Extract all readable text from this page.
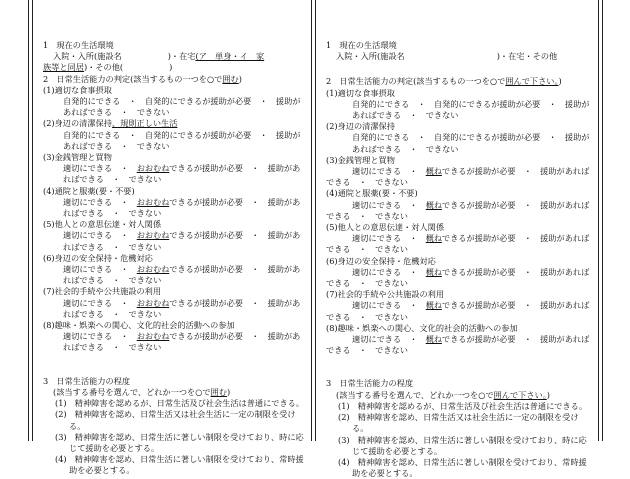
1　現在の生活環境
入院・入所(施設名	)・在宅(ア　単身・イ　家
族等と同居)・その他(	)
2　日常生活能力の判定(該当するもの一つを○で囲む)
(1)適切な食事摂取
自発的にできる　・　自発的にできるが援助が必要　・　援助が
あればできる　・　できない
(2)身辺の清潔保持、規則正しい生活
自発的にできる　・　自発的にできるが援助が必要　・　援助が
あればできる　・　できない
(3)金銭管理と買物
適切にできる　・　おおむねできるが援助が必要　・　援助があ
ればできる　・　できない
(4)通院と服薬(要・不要)
適切にできる　・　おおむねできるが援助が必要　・　援助があ
ればできる　・　できない
(5)他人との意思伝達・対人関係
適切にできる　・　おおむねできるが援助が必要　・　援助があ
ればできる　・　できない
(6)身辺の安全保持・危機対応
適切にできる　・　おおむねできるが援助が必要　・　援助があ
ればできる　・　できない
(7)社会的手続や公共施設の利用
適切にできる　・　おおむねできるが援助が必要　・　援助があ
ればできる　・　できない
(8)趣味・娯楽への関心、文化的社会的活動への参加
適切にできる　・　おおむねできるが援助が必要　・　援助があ
ればできる　・　できない
3　日常生活能力の程度
(該当する番号を選んで、どれか一つを○で囲む)
(1)　精神障害を認めるが、日常生活及び社会生活は普通にできる。
(2)　精神障害を認め、日常生活又は社会生活に一定の制限を受ける。
(3)　精神障害を認め、日常生活に著しい制限を受けており、時に応じて援助を必要とする。
(4)　精神障害を認め、日常生活に著しい制限を受けており、常時援助を必要とする。
1　現在の生活環境
入院・入所(施設名	)・在宅・その他
2　日常生活能力の判定(該当するもの一つを○で囲んで下さい。)
(1)適切な食事摂取
自発的にできる　・　自発的にできるが援助が必要　・　援助が
あればできる　・　できない
(2)身辺の清潔保持
自発的にできる　・　自発的にできるが援助が必要　・　援助が
あればできる　・　できない
(3)金銭管理と買物
適切にできる　・　概ねできるが援助が必要　・　援助があれば
できる　・　できない
(4)通院と服薬(要・不要)
適切にできる　・　概ねできるが援助が必要　・　援助があれば
できる　・　できない
(5)他人との意思伝達・対人関係
適切にできる　・　概ねできるが援助が必要　・　援助があれば
できる　・　できない
(6)身辺の安全保持・危機対応
適切にできる　・　概ねできるが援助が必要　・　援助があれば
できる　・　できない
(7)社会的手続や公共施設の利用
適切にできる　・　概ねできるが援助が必要　・　援助があれば
できる　・　できない
(8)趣味・娯楽への関心、文化的社会的活動への参加
適切にできる　・　概ねできるが援助が必要　・　援助があれば
できる　・　できない
3　日常生活能力の程度
(該当する番号を選んで、どれか一つを○で囲んで下さい。)
(1)　精神障害を認めるが、日常生活及び社会生活は普通にできる。
(2)　精神障害を認め、日常生活又は社会生活に一定の制限を受ける。
(3)　精神障害を認め、日常生活に著しい制限を受けており、時に応じて援助を必要とする。
(4)　精神障害を認め、日常生活に著しい制限を受けており、常時援助を必要とする。
